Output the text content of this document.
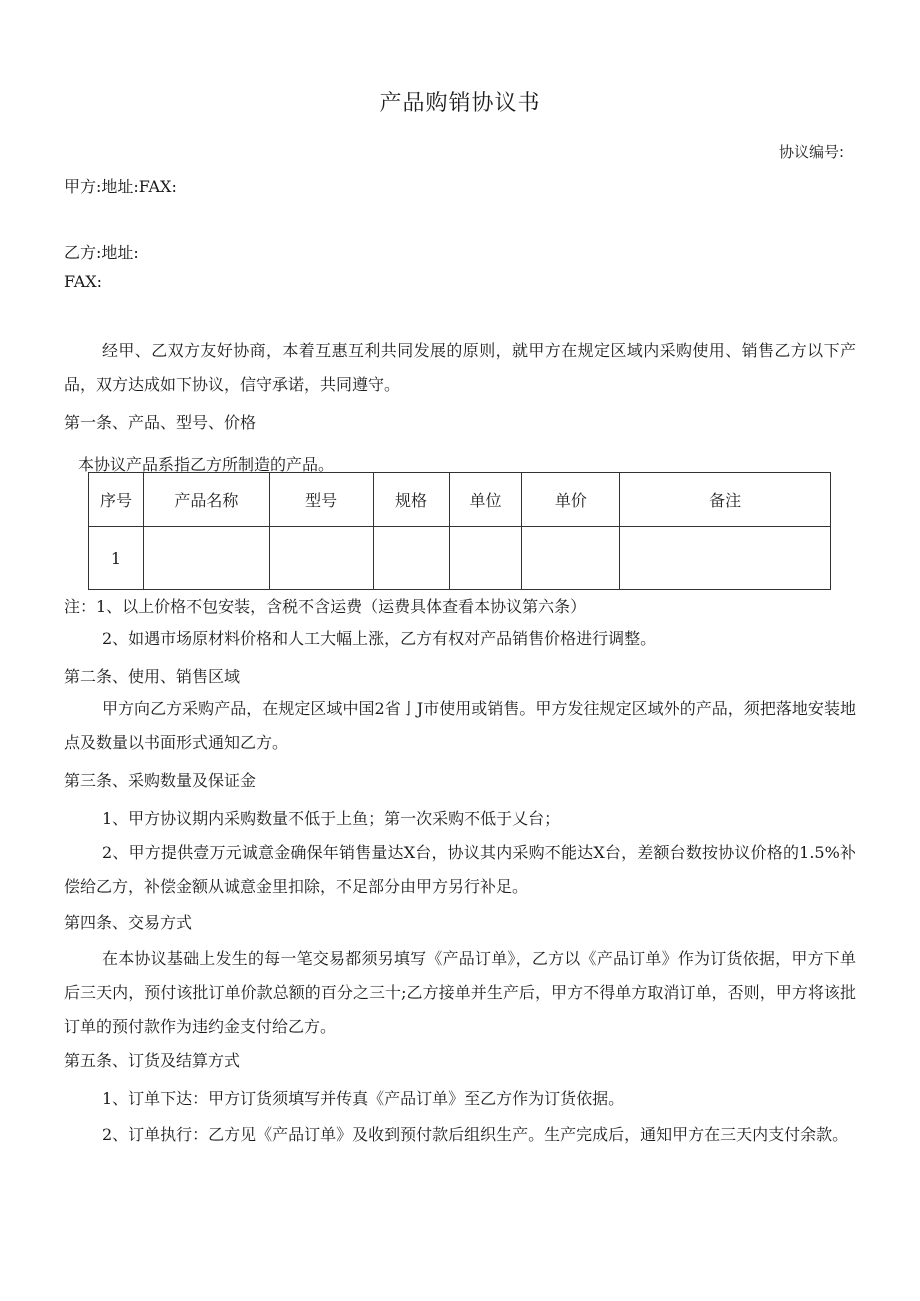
产品购销协议书
协议编号:
甲方:地址:FAX:
乙方:地址:
FAX:
经甲、乙双方友好协商，本着互惠互利共同发展的原则，就甲方在规定区域内采购使用、销售乙方以下产品，双方达成如下协议，信守承诺，共同遵守。
第一条、产品、型号、价格
本协议产品系指乙方所制造的产品。
序号	产品名称	型号	规格	单位	单价	备注
1						
注：1、以上价格不包安装，含税不含运费（运费具体查看本协议第六条）
2、如遇市场原材料价格和人工大幅上涨，乙方有权对产品销售价格进行调整。
第二条、使用、销售区域
甲方向乙方采购产品，在规定区域中国2省亅J市使用或销售。甲方发往规定区域外的产品，须把落地安装地点及数量以书面形式通知乙方。
第三条、采购数量及保证金
1、甲方协议期内采购数量不低于上鱼；第一次采购不低于乂台；
2、甲方提供壹万元诚意金确保年销售量达X台，协议其内采购不能达X台，差额台数按协议价格的1.5%补偿给乙方，补偿金额从诚意金里扣除，不足部分由甲方另行补足。
第四条、交易方式
在本协议基础上发生的每一笔交易都须另填写《产品订单》，乙方以《产品订单》作为订货依据，甲方下单后三天内，预付该批订单价款总额的百分之三十;乙方接单并生产后，甲方不得单方取消订单，否则，甲方将该批订单的预付款作为违约金支付给乙方。
第五条、订货及结算方式
1、订单下达：甲方订货须填写并传真《产品订单》至乙方作为订货依据。
2、订单执行：乙方见《产品订单》及收到预付款后组织生产。生产完成后，通知甲方在三天内支付余款。
